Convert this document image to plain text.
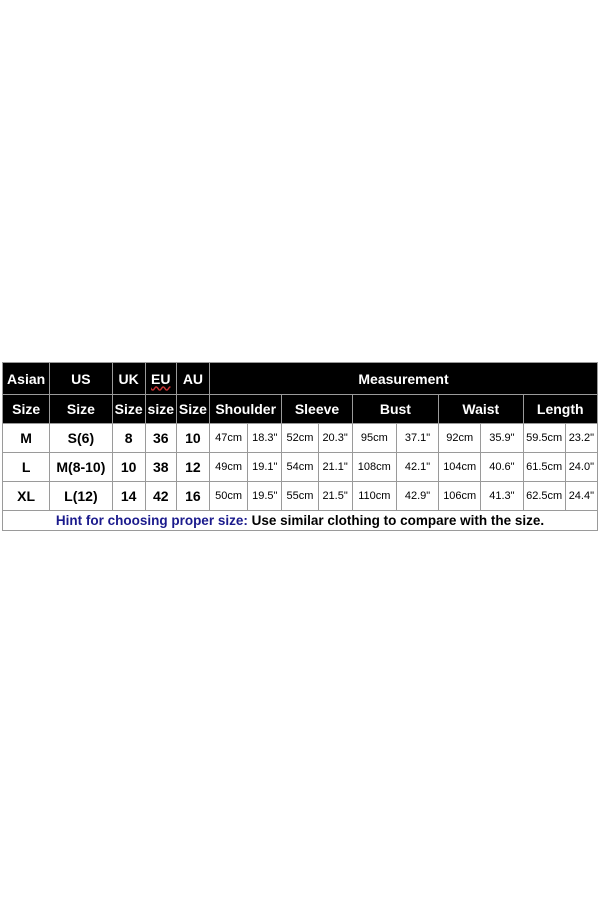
Asian	US	UK	EU	AU	Measurement									
Size	Size	Size	size	Size	Shoulder		Sleeve		Bust		Waist		Length	
M	S(6)	8	36	10	47cm	18.3"	52cm	20.3"	95cm	37.1"	92cm	35.9"	59.5cm	23.2"
L	M(8-10)	10	38	12	49cm	19.1"	54cm	21.1"	108cm	42.1"	104cm	40.6"	61.5cm	24.0"
XL	L(12)	14	42	16	50cm	19.5"	55cm	21.5"	110cm	42.9"	106cm	41.3"	62.5cm	24.4"
Hint for choosing proper size: Use similar clothing to compare with the size.														
